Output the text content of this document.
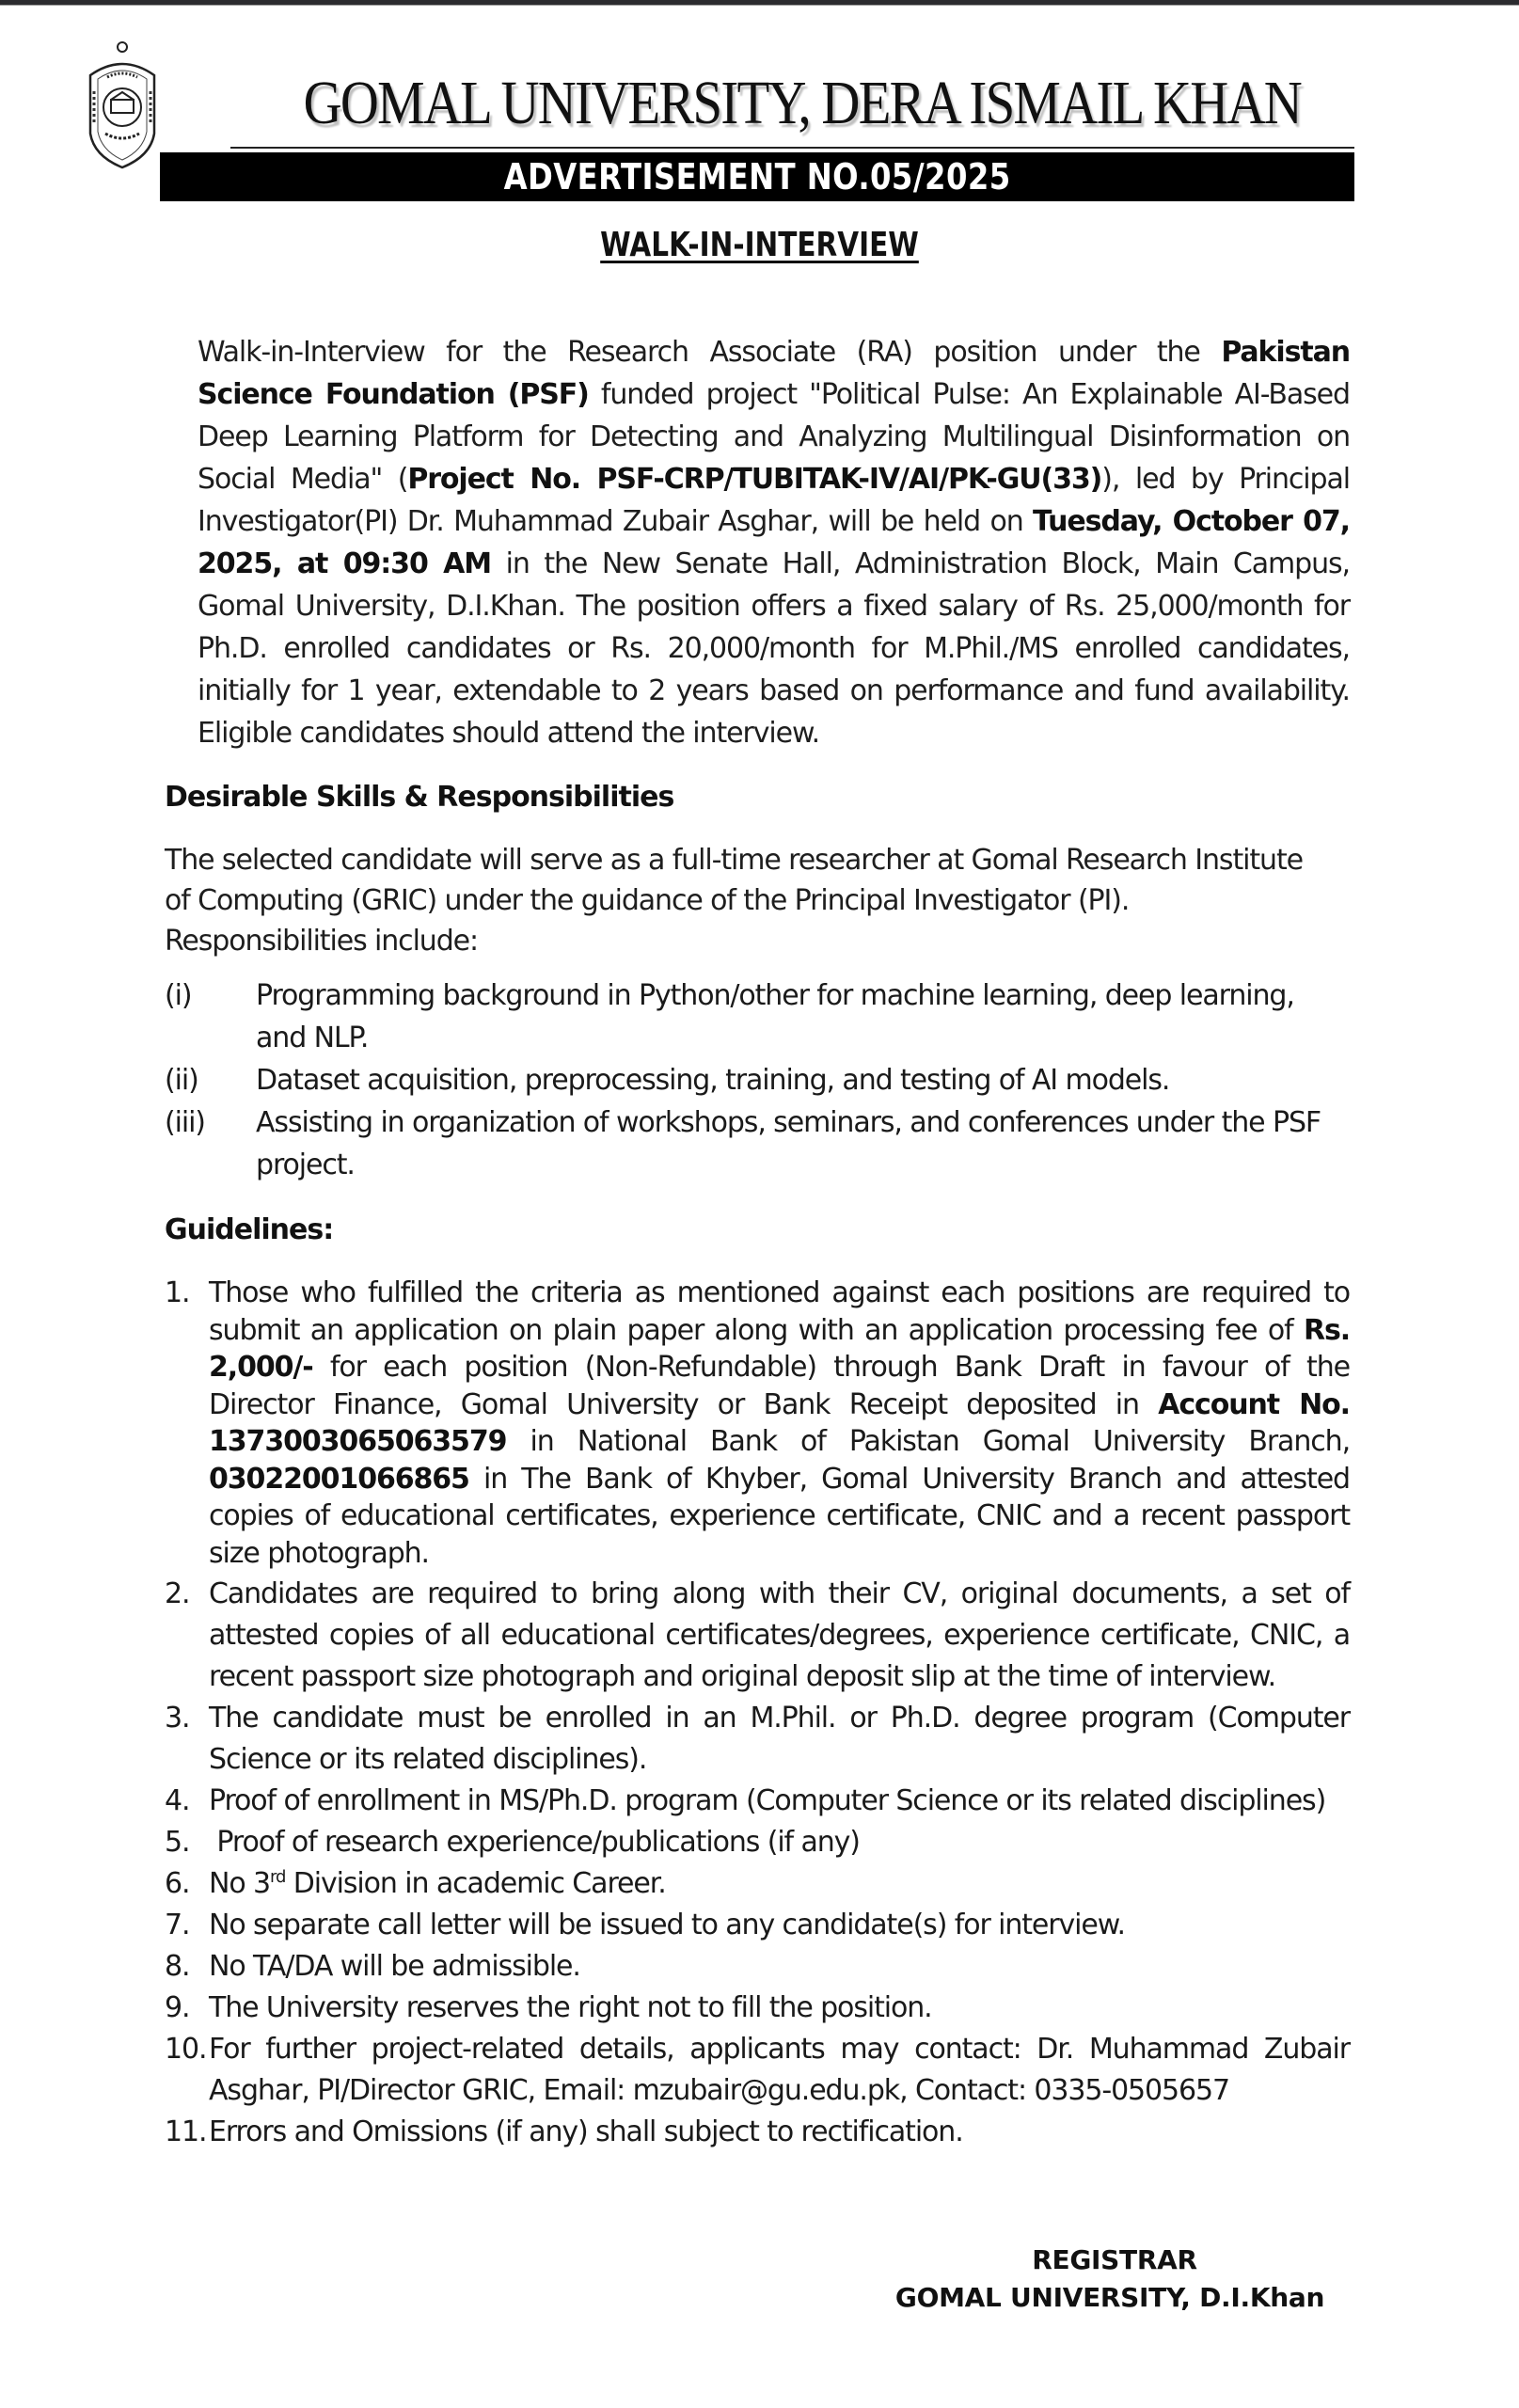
GOMAL UNIVERSITY, DERA ISMAIL KHAN
ADVERTISEMENT NO.05/2025
WALK-IN-INTERVIEW
Walk-in-Interview for the Research Associate (RA) position under the Pakistan Science Foundation (PSF) funded project "Political Pulse: An Explainable AI-Based Deep Learning Platform for Detecting and Analyzing Multilingual Disinformation on Social Media" (Project No. PSF-CRP/TUBITAK-IV/AI/PK-GU(33)), led by Principal Investigator(PI) Dr. Muhammad Zubair Asghar, will be held on Tuesday, October 07, 2025, at 09:30 AM in the New Senate Hall, Administration Block, Main Campus, Gomal University, D.I.Khan. The position offers a fixed salary of Rs. 25,000/month for Ph.D. enrolled candidates or Rs. 20,000/month for M.Phil./MS enrolled candidates, initially for 1 year, extendable to 2 years based on performance and fund availability. Eligible candidates should attend the interview.
Desirable Skills & Responsibilities
The selected candidate will serve as a full-time researcher at Gomal Research Institute of Computing (GRIC) under the guidance of the Principal Investigator (PI).
Responsibilities include:
(i)	Programming background in Python/other for machine learning, deep learning, and NLP.
(ii)	Dataset acquisition, preprocessing, training, and testing of AI models.
(iii)	Assisting in organization of workshops, seminars, and conferences under the PSF project.
Guidelines:
1. Those who fulfilled the criteria as mentioned against each positions are required to submit an application on plain paper along with an application processing fee of Rs. 2,000/- for each position (Non-Refundable) through Bank Draft in favour of the Director Finance, Gomal University or Bank Receipt deposited in Account No. 1373003065063579 in National Bank of Pakistan Gomal University Branch, 03022001066865 in The Bank of Khyber, Gomal University Branch and attested copies of educational certificates, experience certificate, CNIC and a recent passport size photograph.
2. Candidates are required to bring along with their CV, original documents, a set of attested copies of all educational certificates/degrees, experience certificate, CNIC, a recent passport size photograph and original deposit slip at the time of interview.
3. The candidate must be enrolled in an M.Phil. or Ph.D. degree program (Computer Science or its related disciplines).
4. Proof of enrollment in MS/Ph.D. program (Computer Science or its related disciplines)
5. Proof of research experience/publications (if any)
6. No 3rd Division in academic Career.
7. No separate call letter will be issued to any candidate(s) for interview.
8. No TA/DA will be admissible.
9. The University reserves the right not to fill the position.
10. For further project-related details, applicants may contact: Dr. Muhammad Zubair Asghar, PI/Director GRIC, Email: mzubair@gu.edu.pk, Contact: 0335-0505657
11. Errors and Omissions (if any) shall subject to rectification.
REGISTRAR
GOMAL UNIVERSITY, D.I.Khan
